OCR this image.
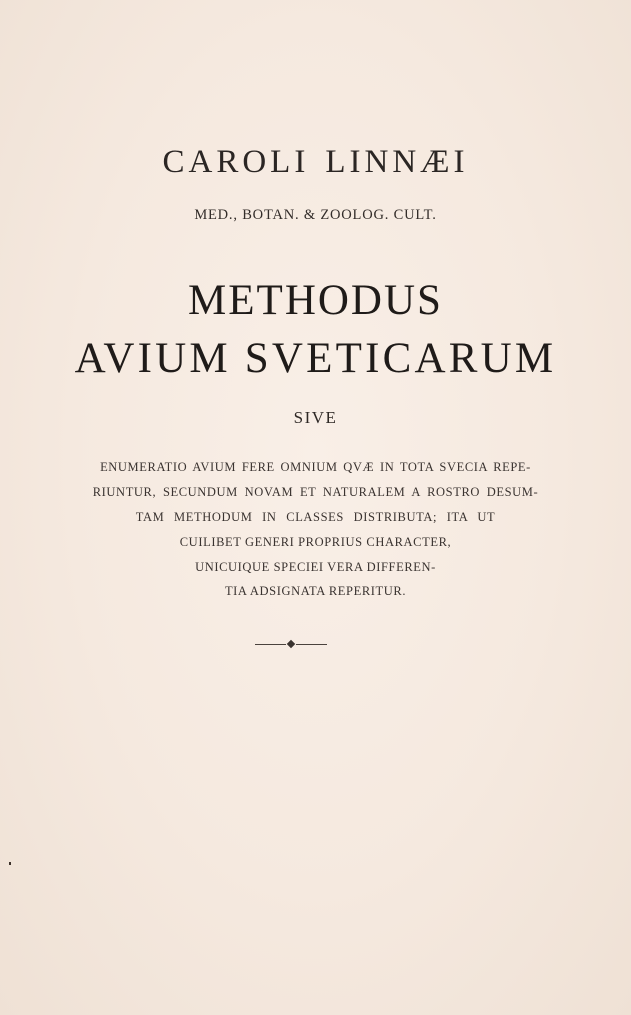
CAROLI LINNÆI
MED., BOTAN. & ZOOLOG. CULT.
METHODUS
AVIUM SVETICARUM
SIVE
ENUMERATIO AVIUM FERE OMNIUM QVÆ IN TOTA SVECIA REPE-
RIUNTUR, SECUNDUM NOVAM ET NATURALEM A ROSTRO DESUM-
TAM METHODUM IN CLASSES DISTRIBUTA; ITA UT
CUILIBET GENERI PROPRIUS CHARACTER,
UNICUIQUE SPECIEI VERA DIFFEREN-
TIA ADSIGNATA REPERITUR.
